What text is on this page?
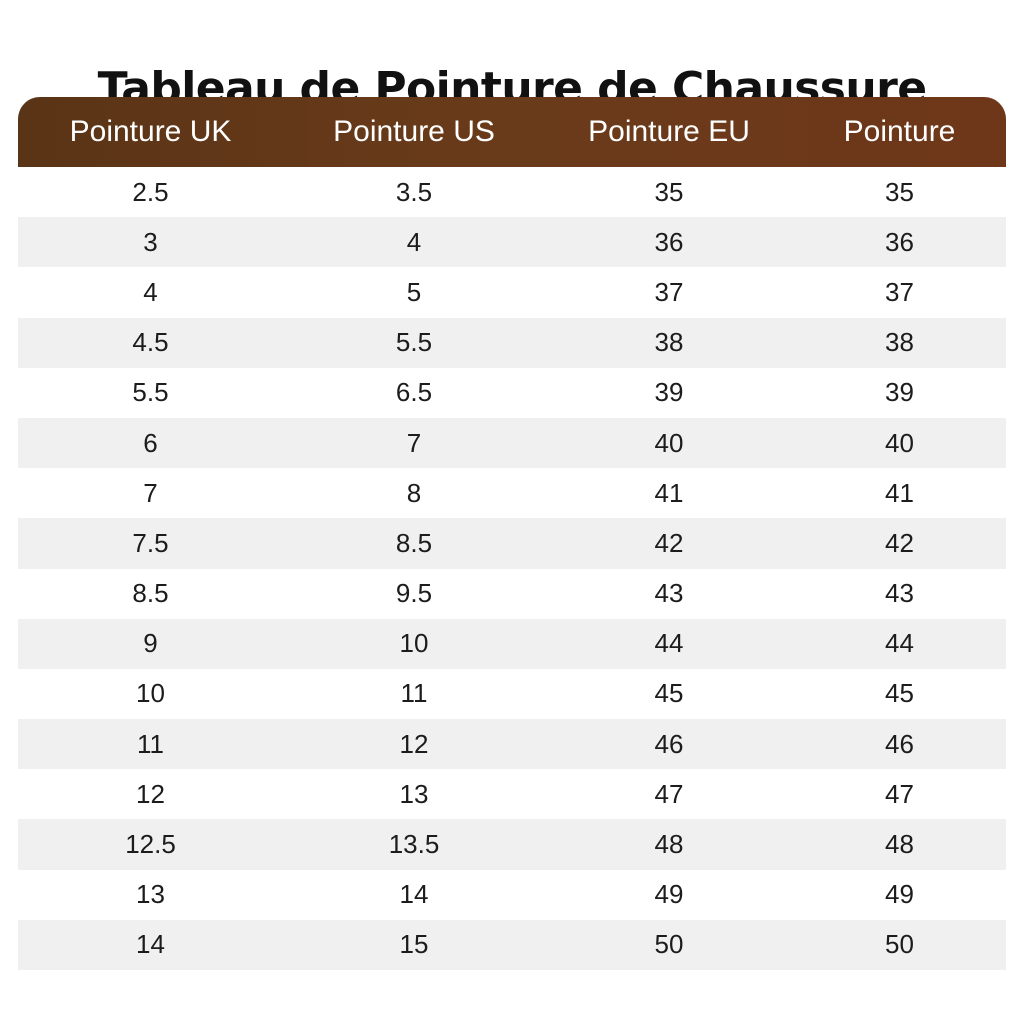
Tableau de Pointure de Chaussure
Pointure UK	Pointure US	Pointure EU	Pointure
2.5	3.5	35	35
3	4	36	36
4	5	37	37
4.5	5.5	38	38
5.5	6.5	39	39
6	7	40	40
7	8	41	41
7.5	8.5	42	42
8.5	9.5	43	43
9	10	44	44
10	11	45	45
11	12	46	46
12	13	47	47
12.5	13.5	48	48
13	14	49	49
14	15	50	50
